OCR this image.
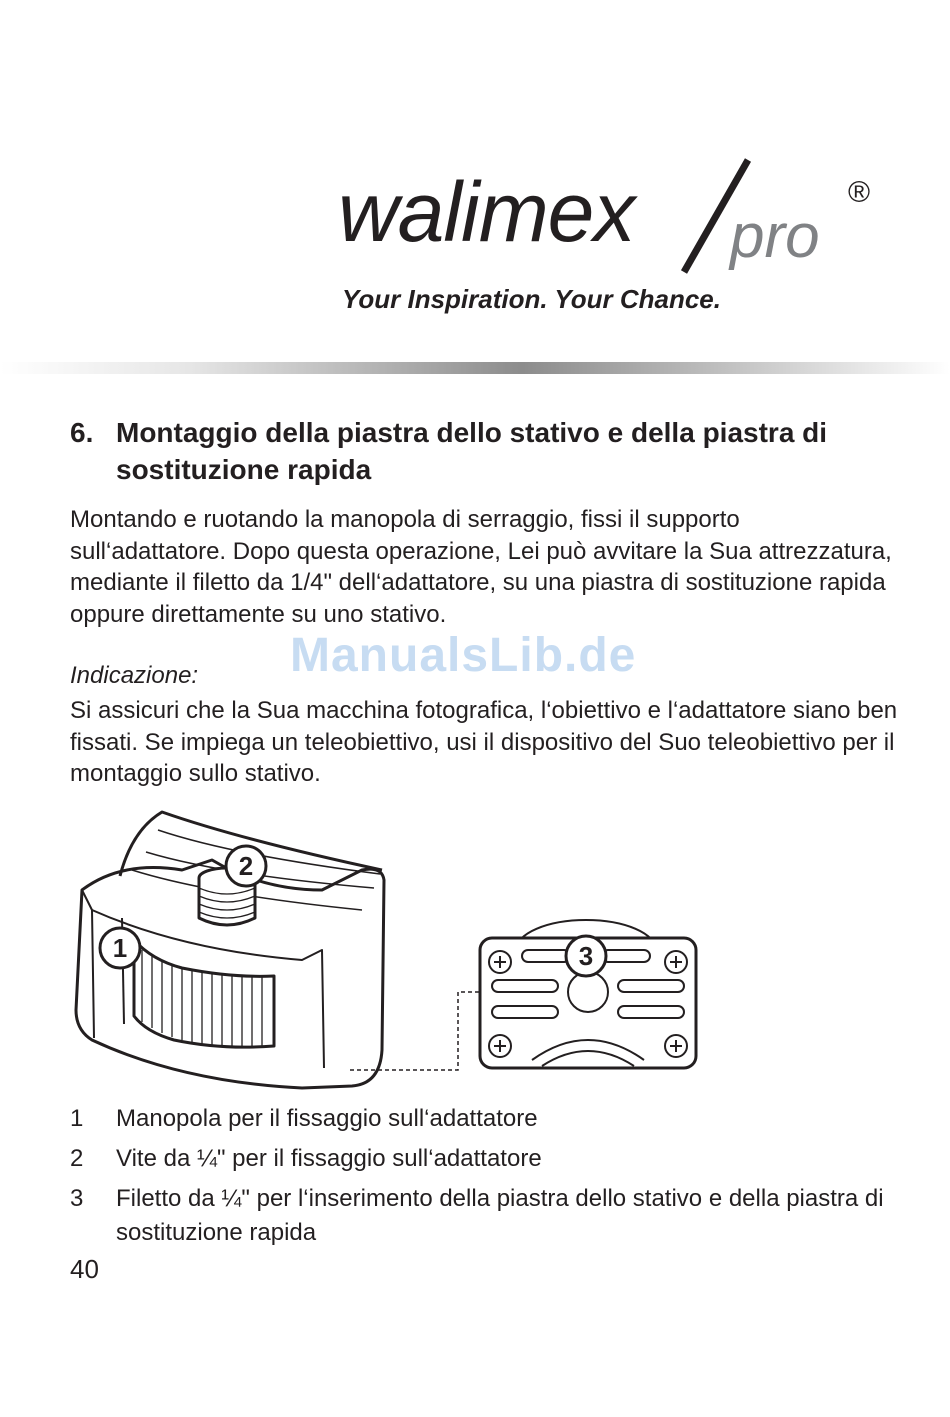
walimex pro
®
Your Inspiration. Your Chance.
6. Montaggio della piastra dello stativo e della piastra di sostituzione rapida

Montando e ruotando la manopola di serraggio, fissi il supporto sull‘adattatore. Dopo questa operazione, Lei può avvitare la Sua attrezzatura, mediante il filetto da 1/4" dell‘adattatore, su una piastra di sostituzione rapida oppure direttamente su uno stativo.

ManualsLib.de
Indicazione:

Si assicuri che la Sua macchina fotografica, l‘obiettivo e l‘adattatore siano ben fissati. Se impiega un teleobiettivo, usi il dispositivo del Suo teleobiettivo per il montaggio sullo stativo.

1
2
3
1 Manopola per il fissaggio sull‘adattatore
2 Vite da ¼" per il fissaggio sull‘adattatore
3 Filetto da ¼" per l‘inserimento della piastra dello stativo e della piastra di sostituzione rapida
40
